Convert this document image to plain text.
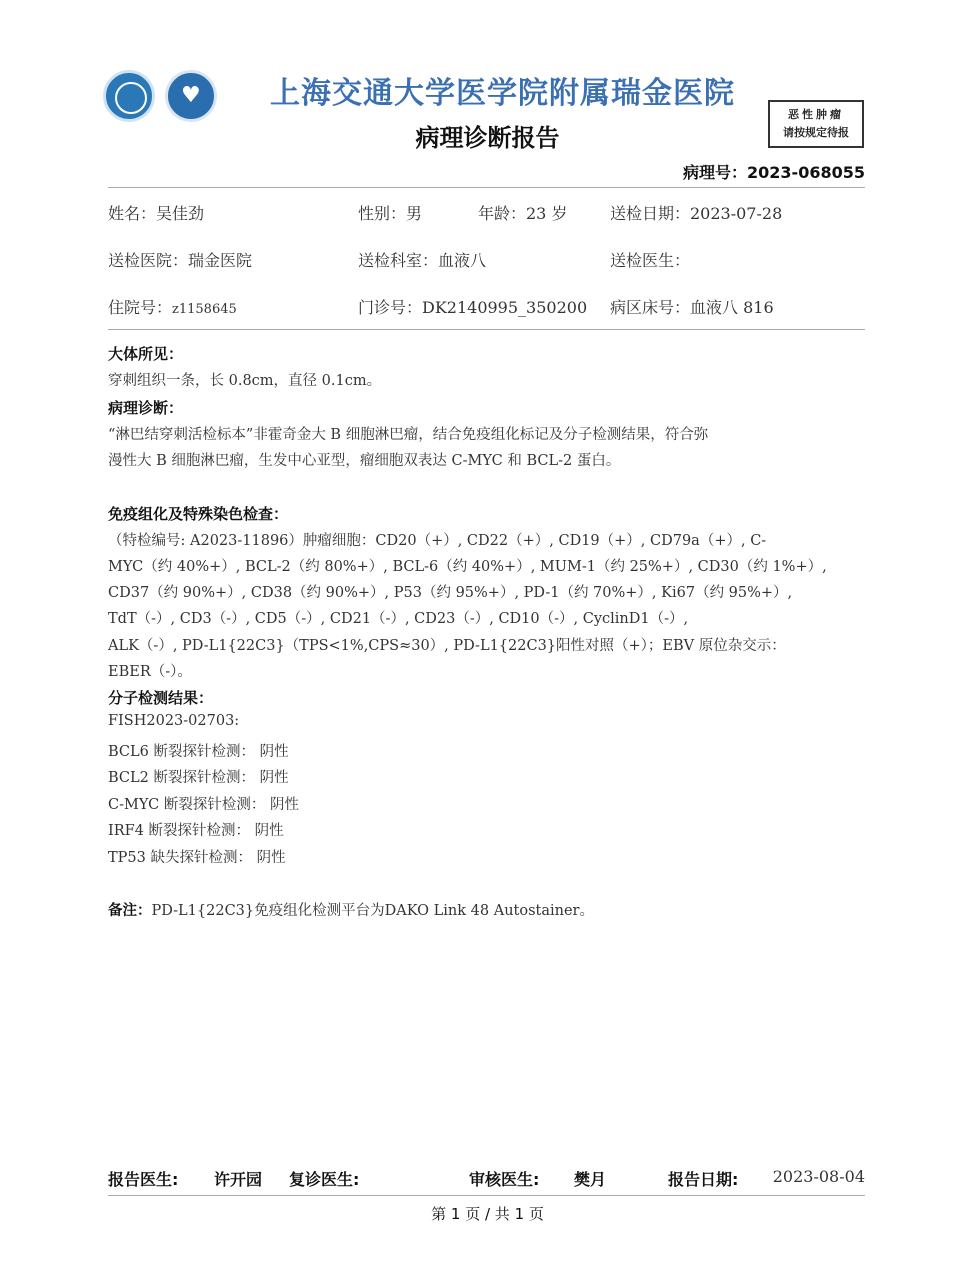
♥	上海交通大学医学院附属瑞金医院
病理诊断报告
恶性肿瘤
请按规定待报
病理号：2023-068055
姓名：吴佳劲	性别：男	年龄：23 岁	送检日期：2023-07-28
送检医院：瑞金医院	送检科室：血液八	送检医生：
住院号：z1158645	门诊号：DK2140995_350200 病区床号：血液八 816
大体所见：
穿刺组织一条，长 0.8cm，直径 0.1cm。
病理诊断：
“淋巴结穿刺活检标本”非霍奇金大 B 细胞淋巴瘤，结合免疫组化标记及分子检测结果，符合弥
漫性大 B 细胞淋巴瘤，生发中心亚型，瘤细胞双表达 C-MYC 和 BCL-2 蛋白。
免疫组化及特殊染色检查：
（特检编号: A2023-11896）肿瘤细胞：CD20（+）, CD22（+）, CD19（+）, CD79a（+）, C-
MYC（约 40%+）, BCL-2（约 80%+）, BCL-6（约 40%+）, MUM-1（约 25%+）, CD30（约 1%+）,
CD37（约 90%+）, CD38（约 90%+）, P53（约 95%+）, PD-1（约 70%+）, Ki67（约 95%+）,
TdT（-）, CD3（-）, CD5（-）, CD21（-）, CD23（-）, CD10（-）, CyclinD1（-）,
ALK（-）, PD-L1{22C3}（TPS<1%,CPS≈30）, PD-L1{22C3}阳性对照（+）；EBV 原位杂交示：
EBER（-）。
分子检测结果：
FISH2023-02703:
BCL6 断裂探针检测： 阴性
BCL2 断裂探针检测： 阴性
C-MYC 断裂探针检测： 阴性
IRF4 断裂探针检测： 阴性
TP53 缺失探针检测： 阴性
备注：PD-L1{22C3}免疫组化检测平台为DAKO Link 48 Autostainer。
报告医生: 许开园 复诊医生:	审核医生: 樊月	报告日期: 2023-08-04
第 1 页 / 共 1 页
